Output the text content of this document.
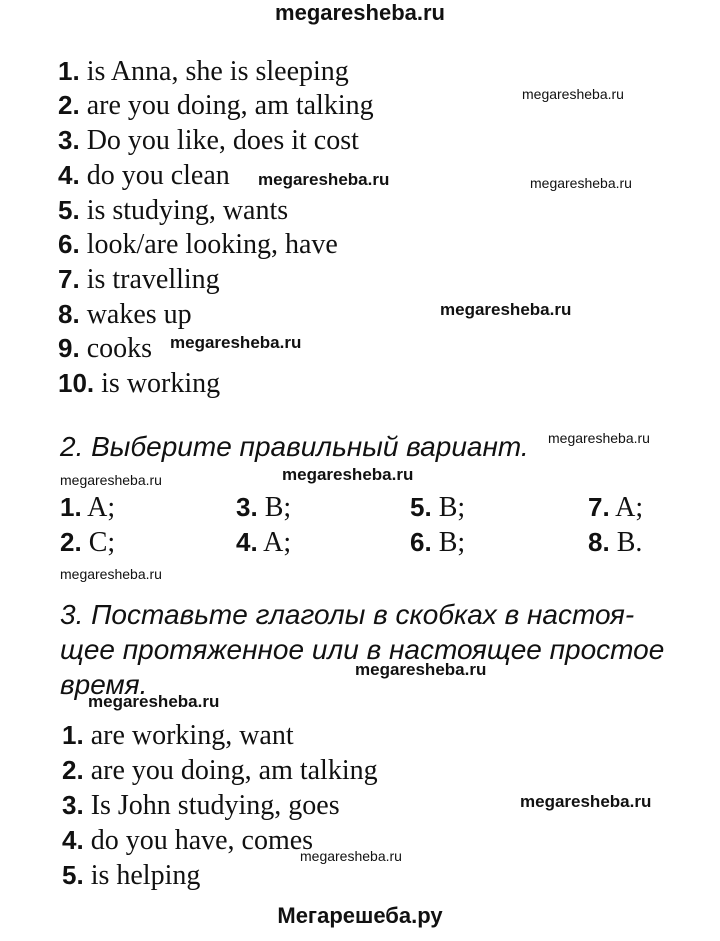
megaresheba.ru
1. is Anna, she is sleeping
2. are you doing, am talking
3. Do you like, does it cost
4. do you clean
5. is studying, wants
6. look/are looking, have
7. is travelling
8. wakes up
9. cooks
10. is working
megaresheba.ru
megaresheba.ru	megaresheba.ru
megaresheba.ru
megaresheba.ru
2. Выберите правильный вариант. megaresheba.ru
megaresheba.ru	megaresheba.ru
1. A;	3. B;	5. B;	7. A;
2. C;	4. A;	6. B;	8. B.
megaresheba.ru
3. Поставьте глаголы в скобках в настоя-
щее протяженное или в настоящее простое
время.	megaresheba.ru
megaresheba.ru
1. are working, want
2. are you doing, am talking
3. Is John studying, goes
4. do you have, comes
5. is helping
megaresheba.ru
megaresheba.ru
Мегарешеба.ру
